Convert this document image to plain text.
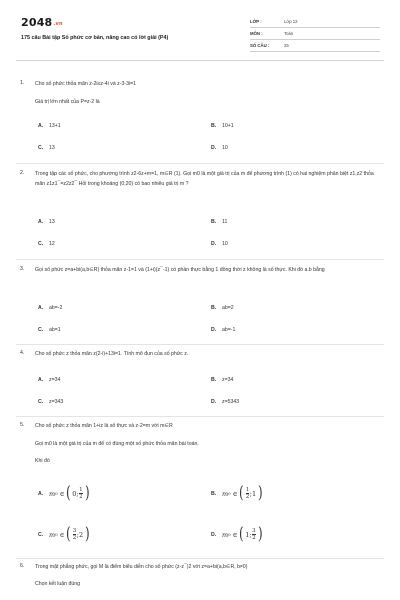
2048.vn
175 câu Bài tập Số phức cơ bản, nâng cao có lời giải (P4)
LỚP :	Lớp 12
MÔN :	Toán
SỐ CÂU :	25
1.	Cho số phức thỏa mãn z-2i≤z-4i và z-3-3i=1
Giá trị lớn nhất của P=z-2 là
A.	13+1	B.	10+1
C.	13	D.	10
2.	Trong tập các số phức, cho phương trình z2-6z+m=1, m∈R (1). Gọi m0 là một giá trị của m để phương trình (1) có hai nghiệm phân biệt z1,z2 thỏa mãn z1z1¯=z2z2¯ Hỏi trong khoảng (0;20) có bao nhiêu giá trị m ?
A.	13	B.	11
C.	12	D.	10
3.	Gọi số phức z=a+bi(a,b∈R) thỏa mãn z-1=1 và (1+i)(z¯-1) có phần thực bằng 1 đồng thời z không là số thực. Khi đó a.b bằng
A.	ab=-2	B.	ab=2
C.	ab=1	D.	ab=-1
4.	Cho số phức z thỏa mãn z(2-i)+13i=1. Tính mô đun của số phức z.
A.	z=34	B.	z=34
C.	z=343	D.	z=5343
5.	Cho số phức z thỏa mãn 1+iz là số thực và z-2=m với m∈R
Gọi m0 là một giá trị của m để có đúng một số phức thỏa mãn bài toán.
Khi đó
A. m 0 ∈ ( 0; $\frac{1}{2}$ )	B. m 0 ∈ ( $\frac{1}{2}$ ;1 )
C. m 0 ∈ ( $\frac{3}{2}$ ;2 )	D. m 0 ∈ ( 1; $\frac{3}{2}$ )
6.	Trong mặt phẳng phức, gọi M là điểm biểu diễn cho số phức (z-z¯)2 với z=a+bi(a,b∈R, b≠0)
Chọn kết luận đúng
